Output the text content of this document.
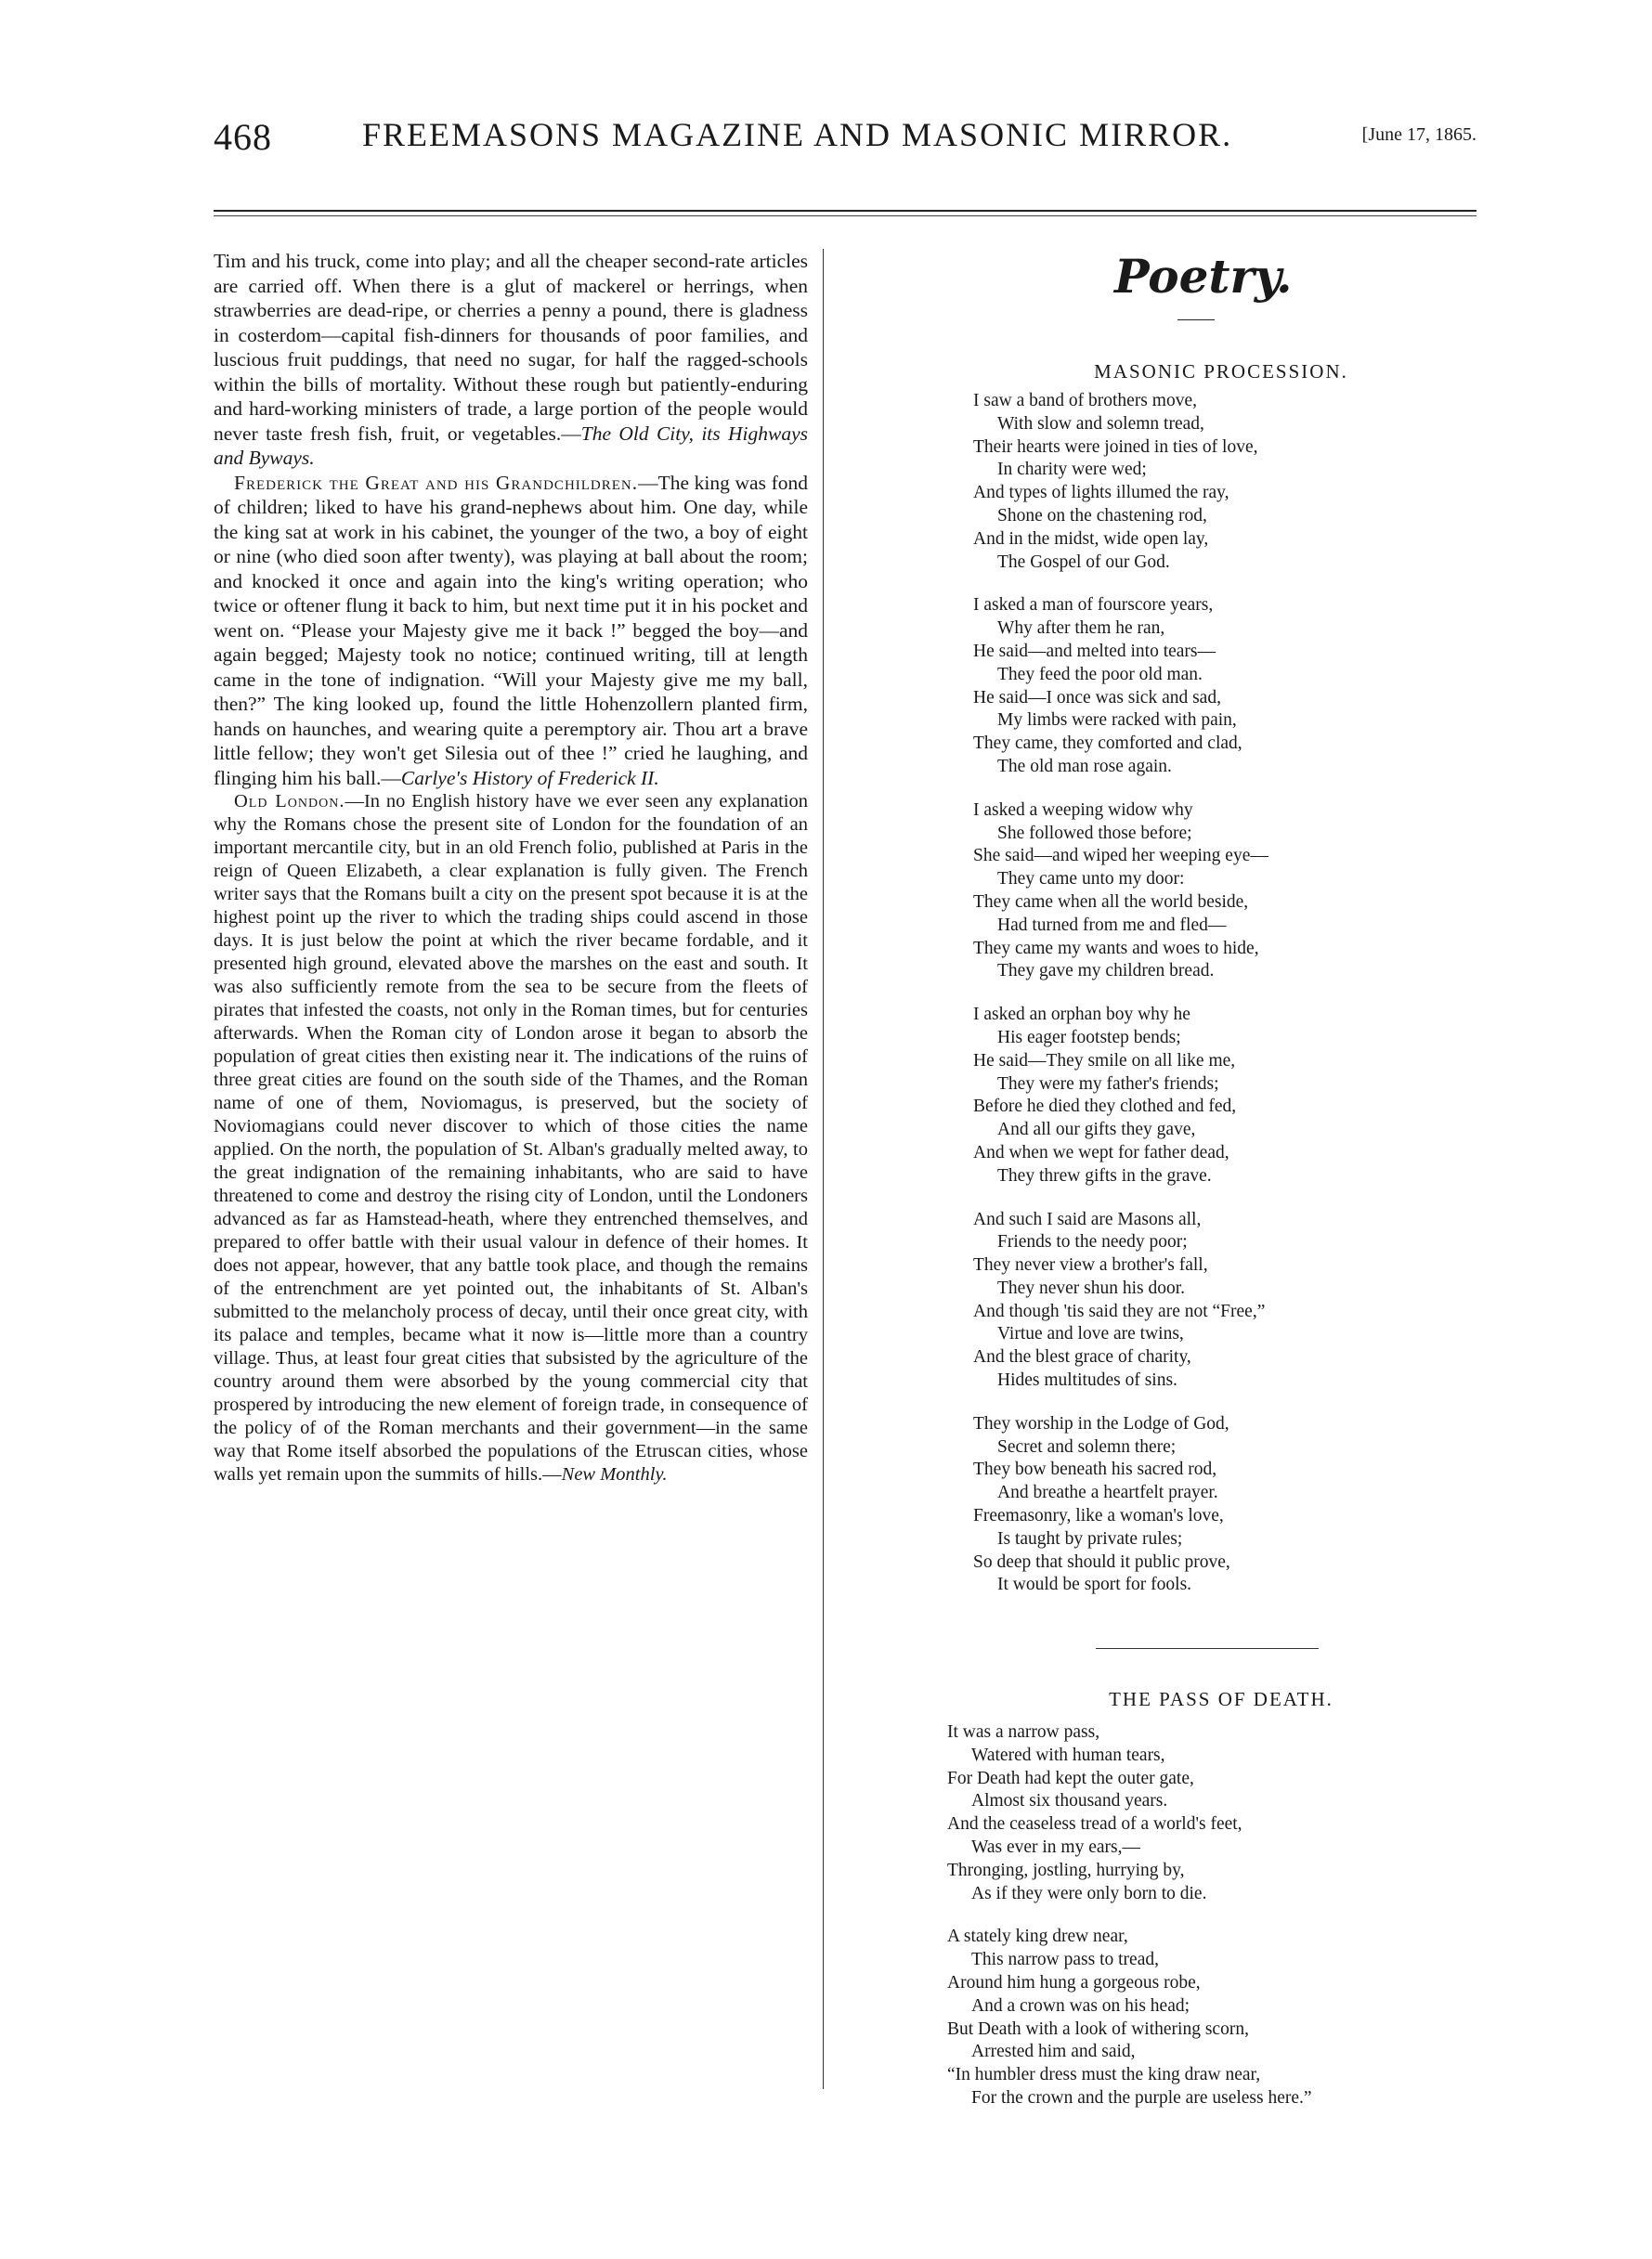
468	FREEMASONS MAGAZINE AND MASONIC MIRROR.	[June 17, 1865.

Tim and his truck, come into play; and all the cheaper second-rate articles are carried off. When there is a glut of mackerel or herrings, when strawberries are dead-ripe, or cherries a penny a pound, there is gladness in costerdom—capital fish-dinners for thousands of poor families, and luscious fruit puddings, that need no sugar, for half the ragged-schools within the bills of mortality. Without these rough but patiently-enduring and hard-working ministers of trade, a large portion of the people would never taste fresh fish, fruit, or vegetables.—The Old City, its Highways and Byways.

Frederick the Great and his Grandchildren.—The king was fond of children; liked to have his grand-nephews about him. One day, while the king sat at work in his cabinet, the younger of the two, a boy of eight or nine (who died soon after twenty), was playing at ball about the room; and knocked it once and again into the king's writing operation; who twice or oftener flung it back to him, but next time put it in his pocket and went on. “Please your Majesty give me it back !” begged the boy—and again begged; Majesty took no notice; continued writing, till at length came in the tone of indignation. “Will your Majesty give me my ball, then?” The king looked up, found the little Hohenzollern planted firm, hands on haunches, and wearing quite a peremptory air. Thou art a brave little fellow; they won't get Silesia out of thee !” cried he laughing, and flinging him his ball.—Carlye's History of Frederick II.

Old London.—In no English history have we ever seen any explanation why the Romans chose the present site of London for the foundation of an important mercantile city, but in an old French folio, published at Paris in the reign of Queen Elizabeth, a clear explanation is fully given. The French writer says that the Romans built a city on the present spot because it is at the highest point up the river to which the trading ships could ascend in those days. It is just below the point at which the river became fordable, and it presented high ground, elevated above the marshes on the east and south. It was also sufficiently remote from the sea to be secure from the fleets of pirates that infested the coasts, not only in the Roman times, but for centuries afterwards. When the Roman city of London arose it began to absorb the population of great cities then existing near it. The indications of the ruins of three great cities are found on the south side of the Thames, and the Roman name of one of them, Noviomagus, is preserved, but the society of Noviomagians could never discover to which of those cities the name applied. On the north, the population of St. Alban's gradually melted away, to the great indignation of the remaining inhabitants, who are said to have threatened to come and destroy the rising city of London, until the Londoners advanced as far as Hamstead-heath, where they entrenched themselves, and prepared to offer battle with their usual valour in defence of their homes. It does not appear, however, that any battle took place, and though the remains of the entrenchment are yet pointed out, the inhabitants of St. Alban's submitted to the melancholy process of decay, until their once great city, with its palace and temples, became what it now is—little more than a country village. Thus, at least four great cities that subsisted by the agriculture of the country around them were absorbed by the young commercial city that prospered by introducing the new element of foreign trade, in consequence of the policy of of the Roman merchants and their government—in the same way that Rome itself absorbed the populations of the Etruscan cities, whose walls yet remain upon the summits of hills.—New Monthly.

Poetry.
MASONIC PROCESSION.
I saw a band of brothers move,
With slow and solemn tread,
Their hearts were joined in ties of love,
In charity were wed;
And types of lights illumed the ray,
Shone on the chastening rod,
And in the midst, wide open lay,
The Gospel of our God.
I asked a man of fourscore years,
Why after them he ran,
He said—and melted into tears—
They feed the poor old man.
He said—I once was sick and sad,
My limbs were racked with pain,
They came, they comforted and clad,
The old man rose again.
I asked a weeping widow why
She followed those before;
She said—and wiped her weeping eye—
They came unto my door:
They came when all the world beside,
Had turned from me and fled—
They came my wants and woes to hide,
They gave my children bread.
I asked an orphan boy why he
His eager footstep bends;
He said—They smile on all like me,
They were my father's friends;
Before he died they clothed and fed,
And all our gifts they gave,
And when we wept for father dead,
They threw gifts in the grave.
And such I said are Masons all,
Friends to the needy poor;
They never view a brother's fall,
They never shun his door.
And though 'tis said they are not “Free,”
Virtue and love are twins,
And the blest grace of charity,
Hides multitudes of sins.
They worship in the Lodge of God,
Secret and solemn there;
They bow beneath his sacred rod,
And breathe a heartfelt prayer.
Freemasonry, like a woman's love,
Is taught by private rules;
So deep that should it public prove,
It would be sport for fools.
THE PASS OF DEATH.
It was a narrow pass,
Watered with human tears,
For Death had kept the outer gate,
Almost six thousand years.
And the ceaseless tread of a world's feet,
Was ever in my ears,—
Thronging, jostling, hurrying by,
As if they were only born to die.
A stately king drew near,
This narrow pass to tread,
Around him hung a gorgeous robe,
And a crown was on his head;
But Death with a look of withering scorn,
Arrested him and said,
“In humbler dress must the king draw near,
For the crown and the purple are useless here.”
